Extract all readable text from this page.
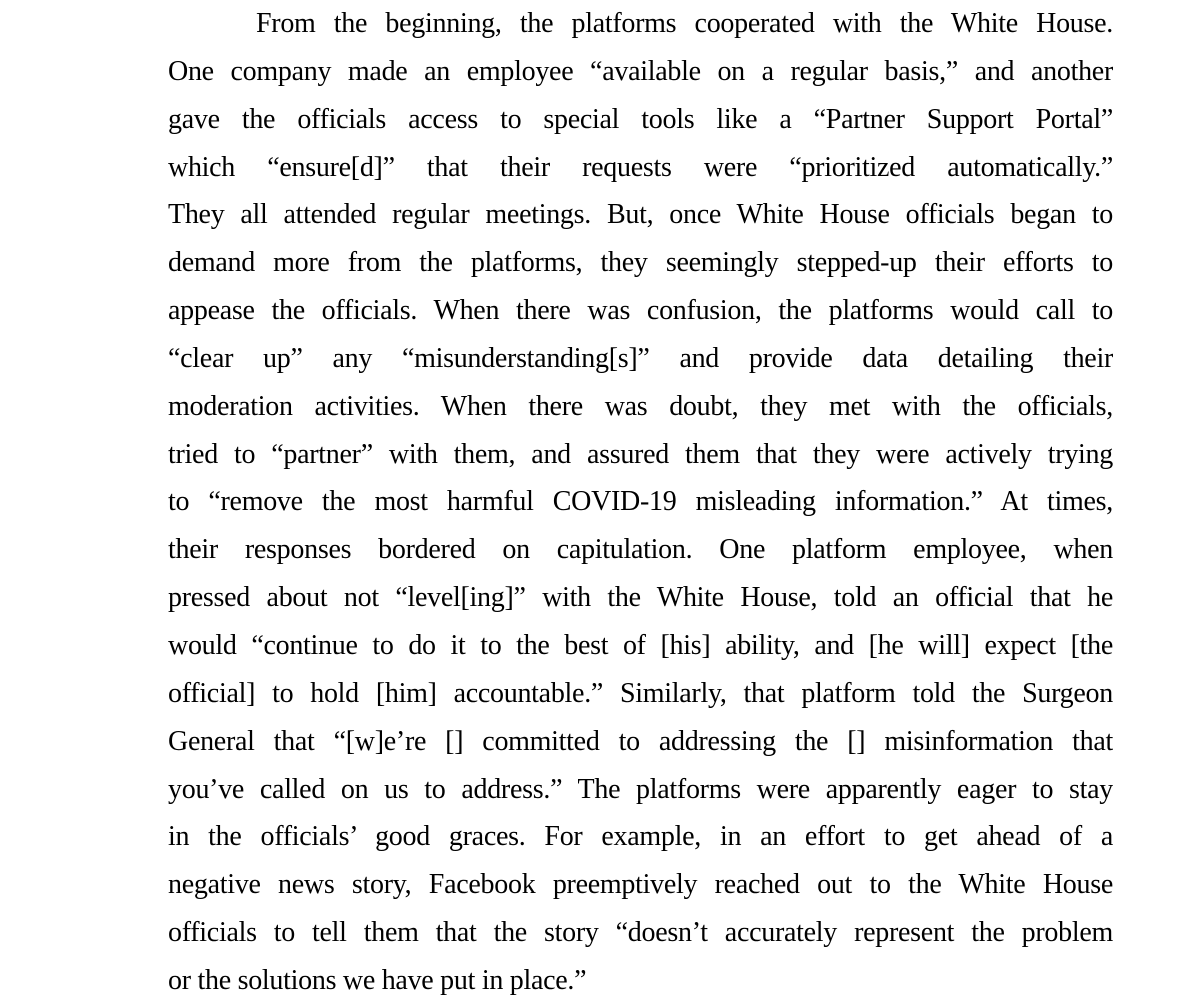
From the beginning, the platforms cooperated with the White House.
One company made an employee “available on a regular basis,” and another
gave the officials access to special tools like a “Partner Support Portal”
which “ensure[d]” that their requests were “prioritized automatically.”
They all attended regular meetings. But, once White House officials began to
demand more from the platforms, they seemingly stepped-up their efforts to
appease the officials. When there was confusion, the platforms would call to
“clear up” any “misunderstanding[s]” and provide data detailing their
moderation activities. When there was doubt, they met with the officials,
tried to “partner” with them, and assured them that they were actively trying
to “remove the most harmful COVID-19 misleading information.” At times,
their responses bordered on capitulation. One platform employee, when
pressed about not “level[ing]” with the White House, told an official that he
would “continue to do it to the best of [his] ability, and [he will] expect [the
official] to hold [him] accountable.” Similarly, that platform told the Surgeon
General that “[w]e’re [] committed to addressing the [] misinformation that
you’ve called on us to address.” The platforms were apparently eager to stay
in the officials’ good graces. For example, in an effort to get ahead of a
negative news story, Facebook preemptively reached out to the White House
officials to tell them that the story “doesn’t accurately represent the problem
or the solutions we have put in place.”
